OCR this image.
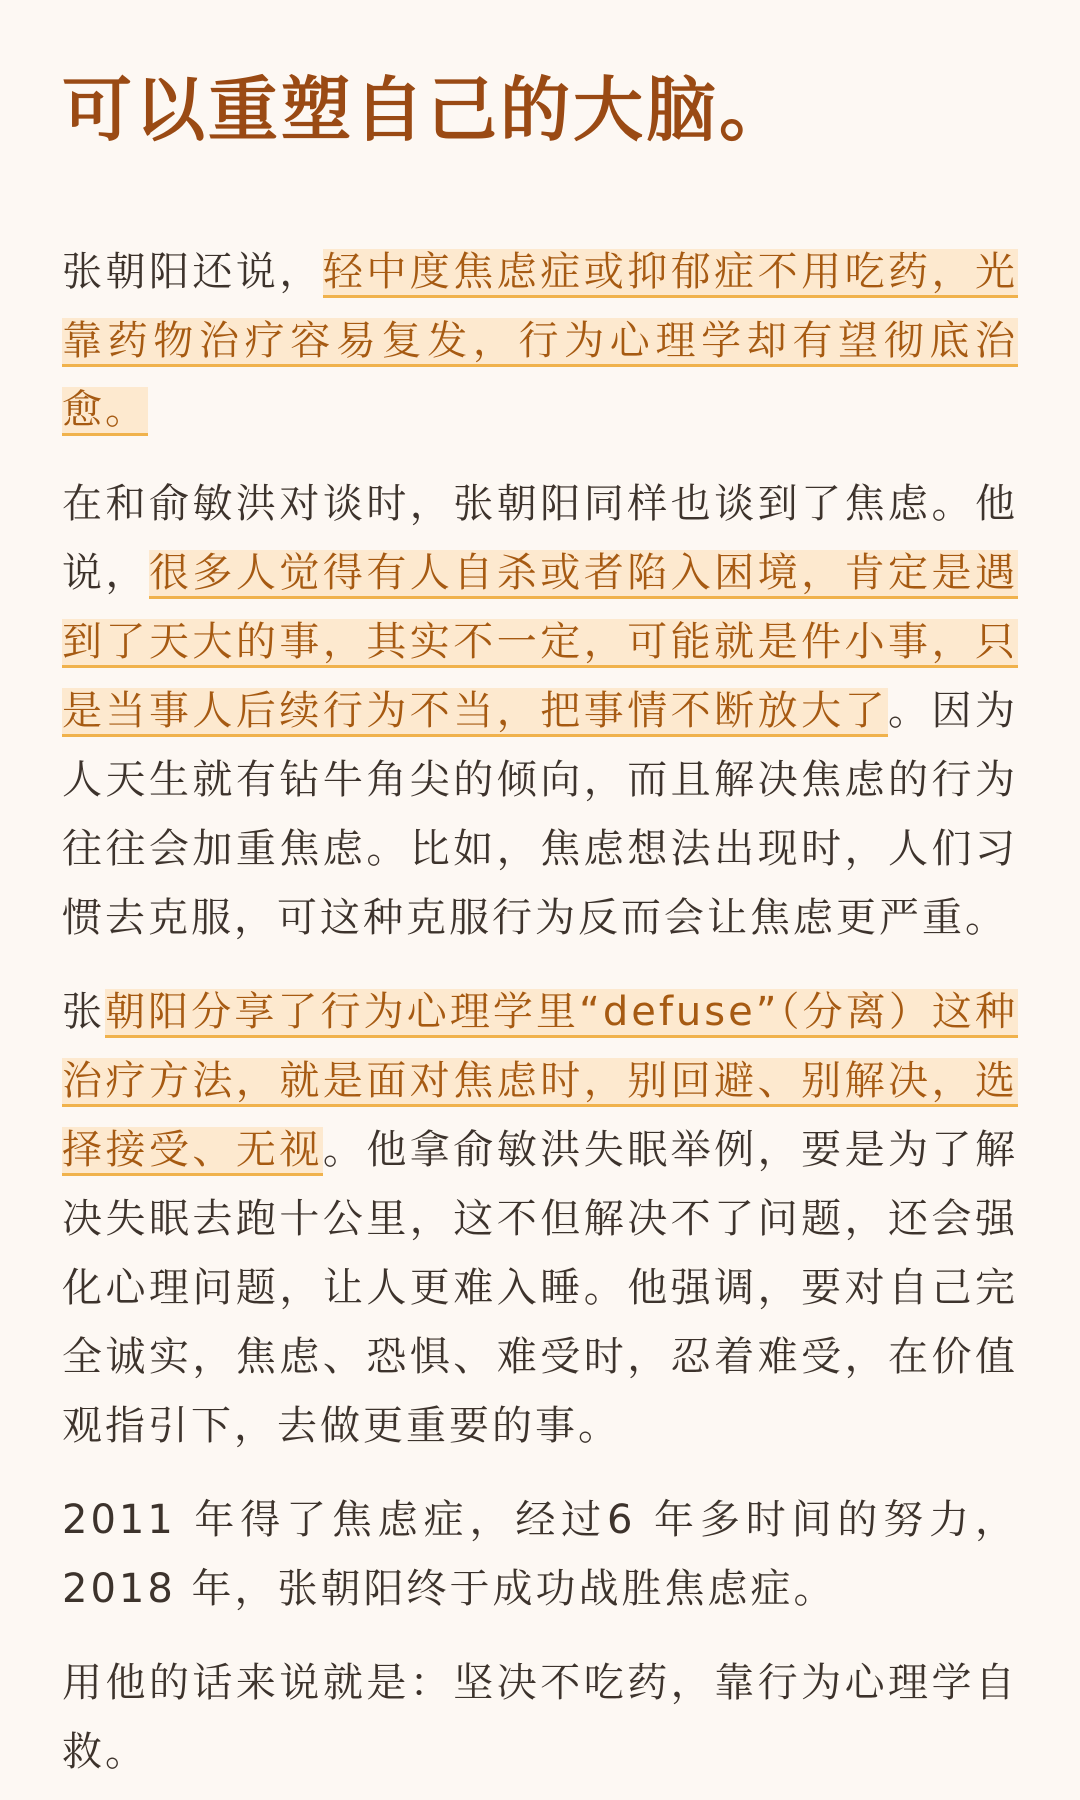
可以重塑自己的大脑。

张朝阳还说，轻中度焦虑症或抑郁症不用吃药，光靠药物治疗容易复发，行为心理学却有望彻底治愈。

在和俞敏洪对谈时，张朝阳同样也谈到了焦虑。他说，很多人觉得有人自杀或者陷入困境，肯定是遇到了天大的事，其实不一定，可能就是件小事，只是当事人后续行为不当，把事情不断放大了。因为人天生就有钻牛角尖的倾向，而且解决焦虑的行为往往会加重焦虑。比如，焦虑想法出现时，人们习惯去克服，可这种克服行为反而会让焦虑更严重。

张朝阳分享了行为心理学里“defuse”（分离）这种治疗方法，就是面对焦虑时，别回避、别解决，选择接受、无视。他拿俞敏洪失眠举例，要是为了解决失眠去跑十公里，这不但解决不了问题，还会强化心理问题，让人更难入睡。他强调，要对自己完全诚实，焦虑、恐惧、难受时，忍着难受，在价值观指引下，去做更重要的事。

2011 年得了焦虑症，经过6 年多时间的努力， 2018 年，张朝阳终于成功战胜焦虑症。

用他的话来说就是：坚决不吃药，靠行为心理学自救。
